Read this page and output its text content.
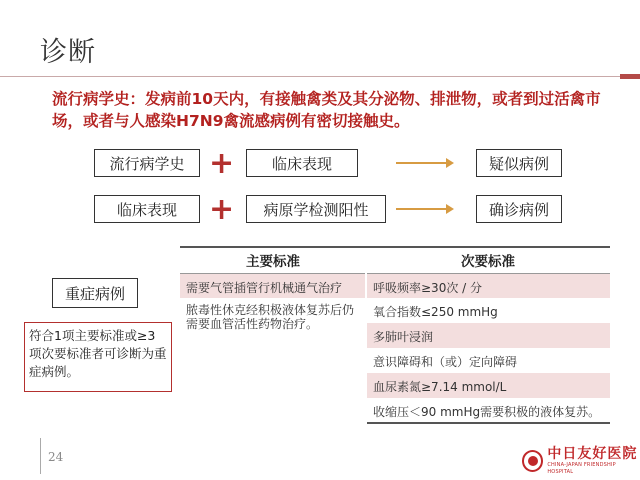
诊断
流行病学史：发病前10天内，有接触禽类及其分泌物、排泄物，或者到过活禽市场，或者与人感染H7N9禽流感病例有密切接触史。
流行病学史 +	临床表现	疑似病例
临床表现	+	病原学检测阳性	确诊病例
重症病例
符合1项主要标准或≥3项次要标准者可诊断为重症病例。
主要标准	次要标准
需要气管插管行机械通气治疗	呼吸频率≥30次 / 分
脓毒性休克经积极液体复苏后仍需要血管活性药物治疗。	氧合指数≤250 mmHg
	多肺叶浸润
	意识障碍和（或）定向障碍
	血尿素氮≥7.14 mmol/L
	收缩压＜90 mmHg需要积极的液体复苏。
24	中日友好医院
CHINA-JAPAN FRIENDSHIP HOSPITAL
